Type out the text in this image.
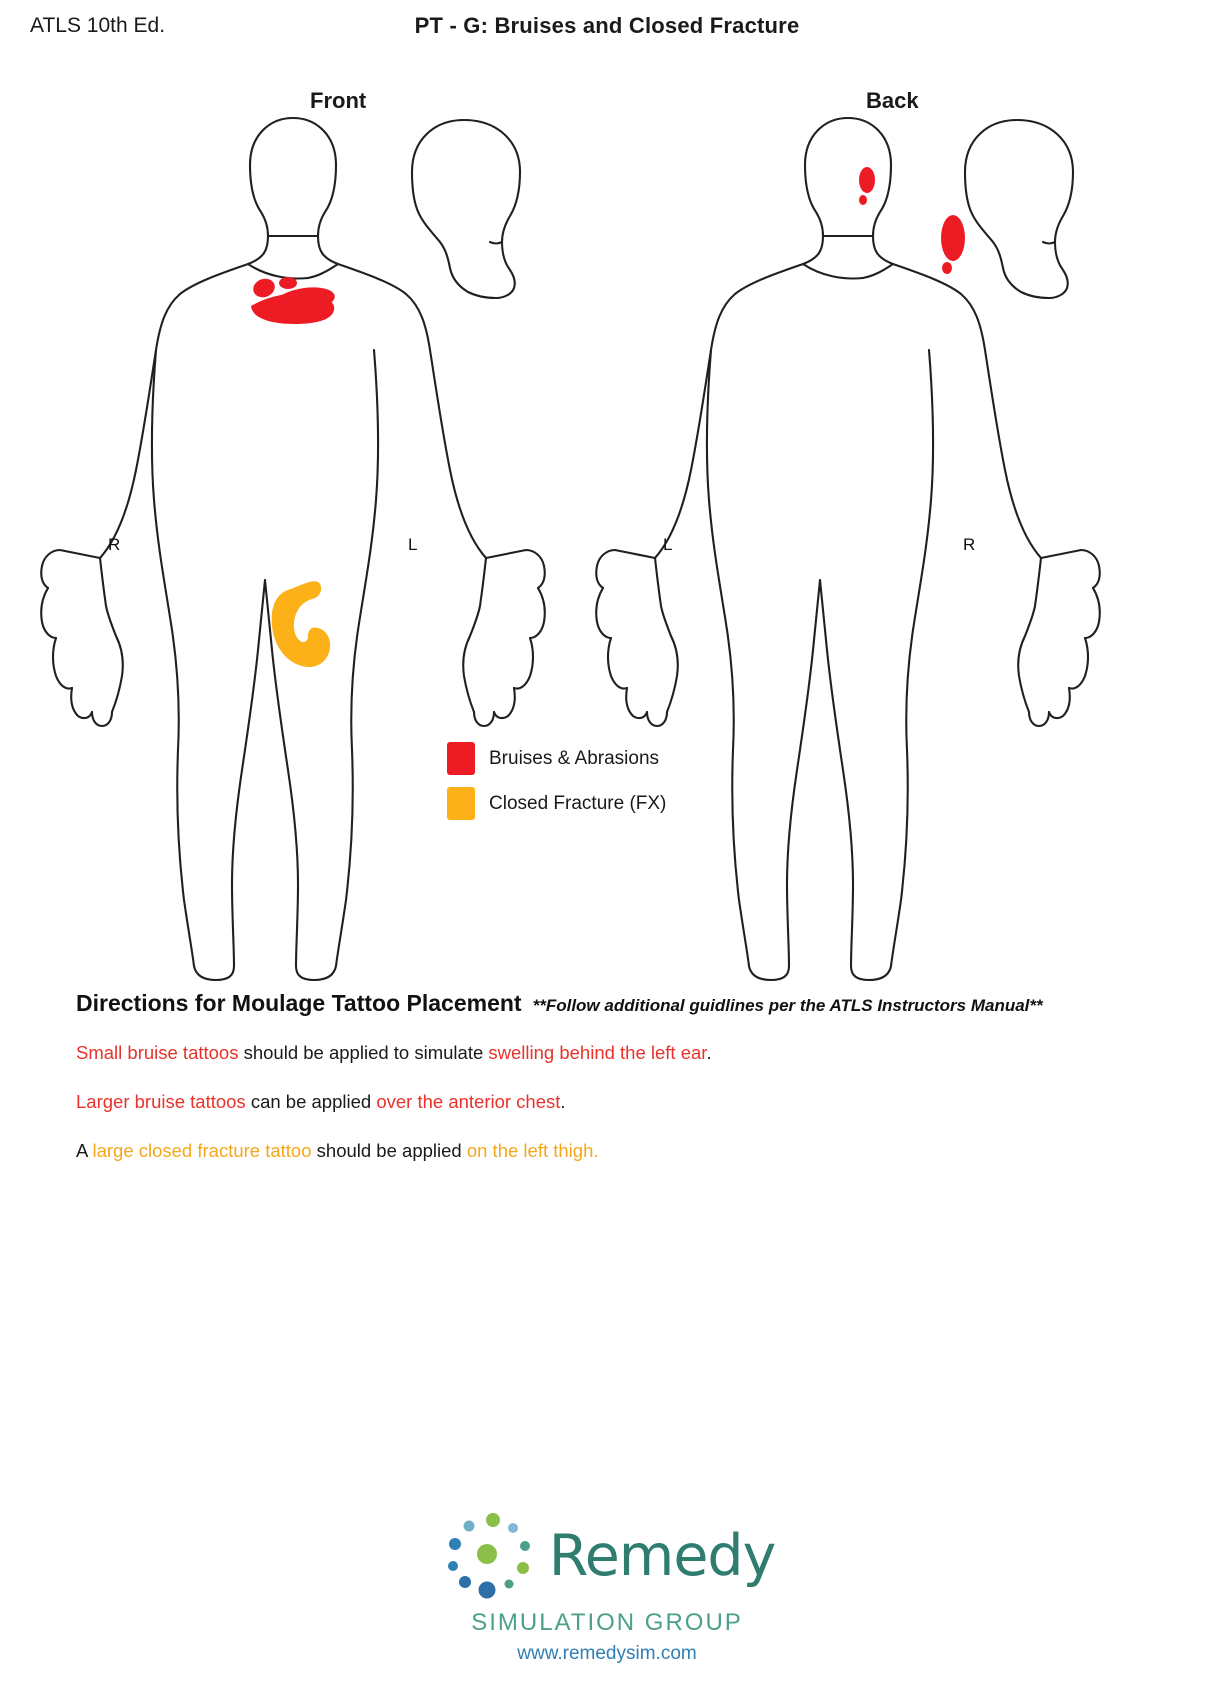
ATLS 10th Ed.	PT - G: Bruises and Closed Fracture
Front	Back
R	L	L	R
Bruises & Abrasions
Closed Fracture (FX)
Directions for Moulage Tattoo Placement **Follow additional guidlines per the ATLS Instructors Manual**
Small bruise tattoos should be applied to simulate swelling behind the left ear.
Larger bruise tattoos can be applied over the anterior chest.
A large closed fracture tattoo should be applied on the left thigh.
Remedy
SIMULATION GROUP
www.remedysim.com
